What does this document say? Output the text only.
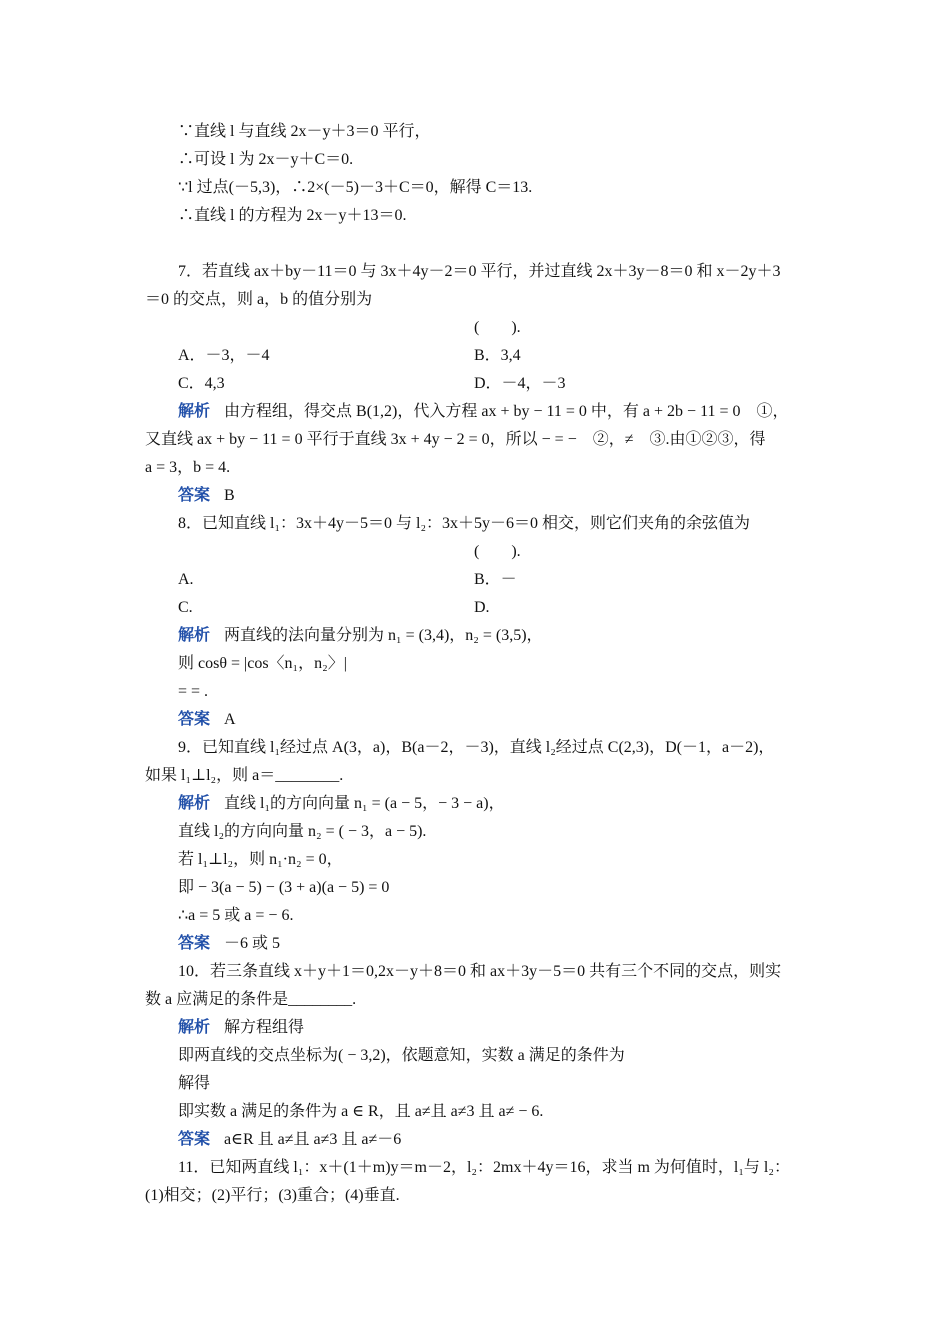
∵直线 l 与直线 2x－y＋3＝0 平行，
∴可设 l 为 2x－y＋C＝0.
∵l 过点(－5,3)，∴2×(－5)－3＋C＝0，解得 C＝13.
∴直线 l 的方程为 2x－y＋13＝0.
7．若直线 ax＋by－11＝0 与 3x＋4y－2＝0 平行，并过直线 2x＋3y－8＝0 和 x－2y＋3
＝0 的交点，则 a，b 的值分别为
(　　).
A．－3，－4	B．3,4
C．4,3	D．－4，－3
解析 由方程组，得交点 B(1,2)，代入方程 ax + by − 11 = 0 中，有 a + 2b − 11 = 0　①，
又直线 ax + by − 11 = 0 平行于直线 3x + 4y − 2 = 0，所以 − = −　②，≠　③.由①②③，得
a = 3，b = 4.
答案 B
8．已知直线 l₁：3x＋4y－5＝0 与 l₂：3x＋5y－6＝0 相交，则它们夹角的余弦值为
(　　).
A.	B．－
C.	D.
解析 两直线的法向量分别为 n₁ = (3,4)，n₂ = (3,5)，
则 cosθ = |cos〈n₁，n₂〉|
= = .
答案 A
9．已知直线 l₁经过点 A(3，a)，B(a－2，－3)，直线 l₂经过点 C(2,3)，D(－1，a－2)，
如果 l₁⊥l₂，则 a＝________.
解析 直线 l₁的方向向量 n₁ = (a − 5，− 3 − a)，
直线 l₂的方向向量 n₂ = ( − 3，a − 5).
若 l₁⊥l₂，则 n₁·n₂ = 0，
即 − 3(a − 5) − (3 + a)(a − 5) = 0
∴a = 5 或 a = − 6.
答案 －6 或 5
10．若三条直线 x＋y＋1＝0,2x－y＋8＝0 和 ax＋3y－5＝0 共有三个不同的交点，则实
数 a 应满足的条件是________.
解析 解方程组得
即两直线的交点坐标为( − 3,2)，依题意知，实数 a 满足的条件为
解得
即实数 a 满足的条件为 a ∈ R，且 a≠且 a≠3 且 a≠ − 6.
答案 a∈R 且 a≠且 a≠3 且 a≠－6
11．已知两直线 l₁：x＋(1＋m)y＝m－2，l₂：2mx＋4y＝16，求当 m 为何值时，l₁与 l₂：
(1)相交；(2)平行；(3)重合；(4)垂直.
